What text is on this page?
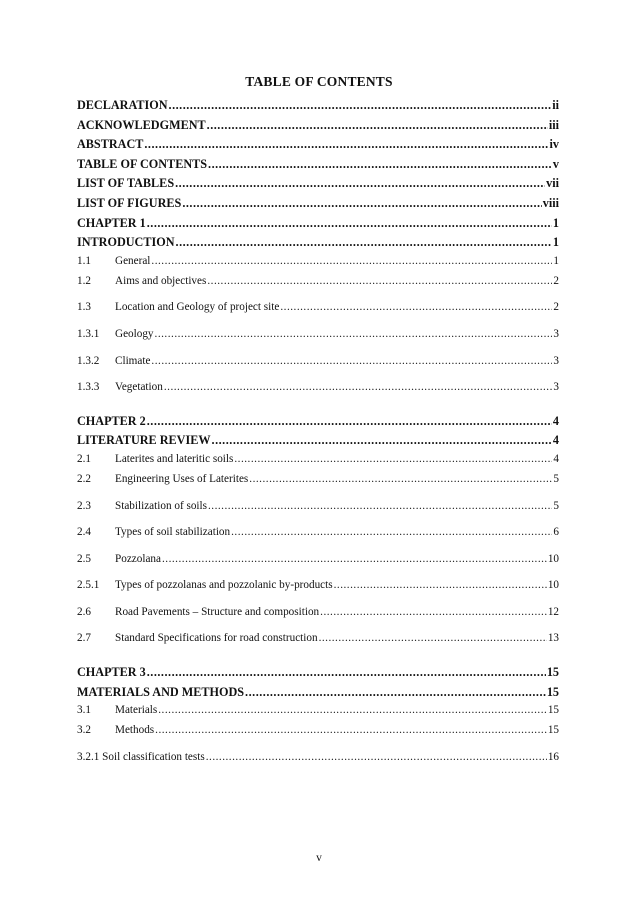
TABLE OF CONTENTS
DECLARATION .....	ii
ACKNOWLEDGMENT .....	iii
ABSTRACT .....	iv
TABLE OF CONTENTS .....	v
LIST OF TABLES .....	vii
LIST OF FIGURES .....	viii
CHAPTER 1 .....	1
INTRODUCTION .....	1
1.1	General .....	1
1.2	Aims and objectives .....	2
1.3	Location and Geology of project site .....	2
1.3.1	Geology .....	3
1.3.2	Climate .....	3
1.3.3	Vegetation .....	3
CHAPTER 2 .....	4
LITERATURE REVIEW .....	4
2.1	Laterites and lateritic soils .....	4
2.2	Engineering Uses of Laterites .....	5
2.3	Stabilization of soils .....	5
2.4	Types of soil stabilization .....	6
2.5	Pozzolana .....	10
2.5.1	Types of pozzolanas and pozzolanic by-products .....	10
2.6	Road Pavements – Structure and composition .....	12
2.7	Standard Specifications for road construction .....	13
CHAPTER 3 .....	15
MATERIALS AND METHODS .....	15
3.1	Materials .....	15
3.2	Methods .....	15
3.2.1 Soil classification tests .....	16
v
